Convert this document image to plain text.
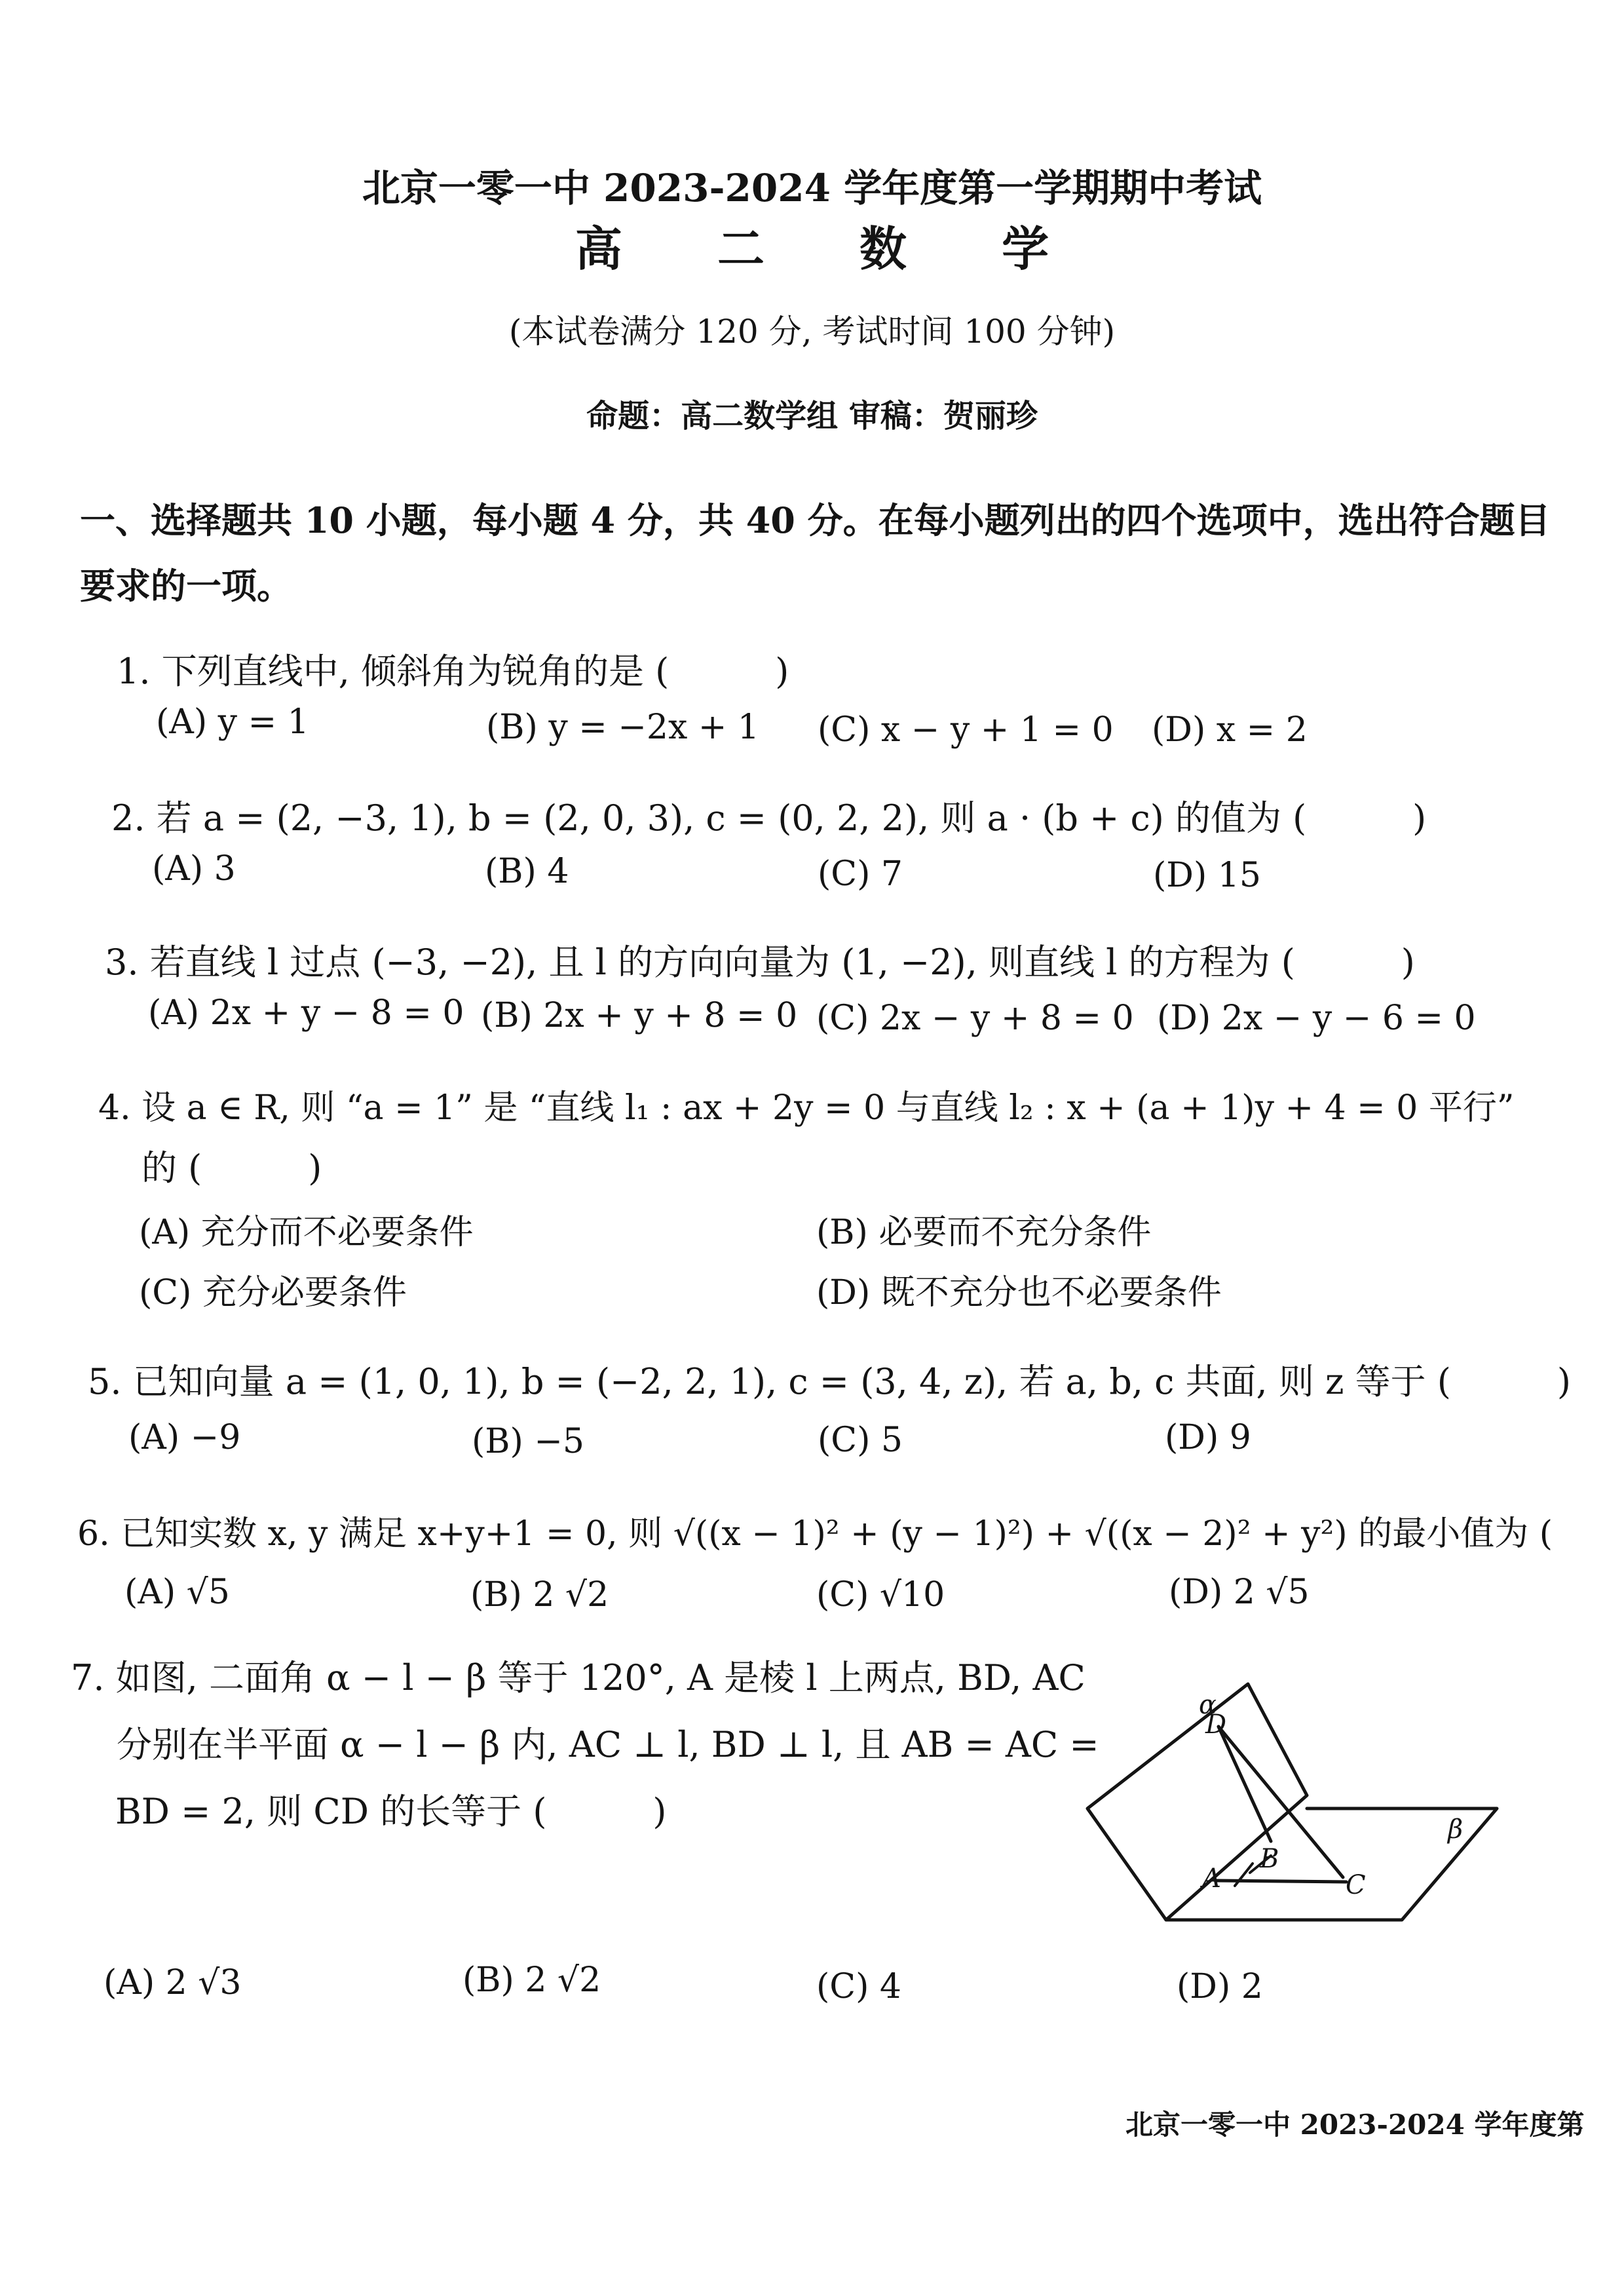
北京一零一中 2023-2024 学年度第一学期期中考试
高 二 数 学
(本试卷满分 120 分, 考试时间 100 分钟)
命题：高二数学组 审稿：贺丽珍
一、选择题共 10 小题，每小题 4 分，共 40 分。在每小题列出的四个选项中，选出符合题目
要求的一项。
1. 下列直线中, 倾斜角为锐角的是 (　　　)
(A) y = 1	(B) y = −2x + 1 (C) x − y + 1 = 0 (D) x = 2
2. 若 a = (2, −3, 1), b = (2, 0, 3), c = (0, 2, 2), 则 a · (b + c) 的值为 (　　　)
(A) 3	(B) 4	(C) 7	(D) 15
3. 若直线 l 过点 (−3, −2), 且 l 的方向向量为 (1, −2), 则直线 l 的方程为 (　　　)
(A) 2x + y − 8 = 0 (B) 2x + y + 8 = 0 (C) 2x − y + 8 = 0 (D) 2x − y − 6 = 0
4. 设 a ∈ R, 则 “a = 1” 是 “直线 l₁ : ax + 2y = 0 与直线 l₂ : x + (a + 1)y + 4 = 0 平行”
的 (　　　)
(A) 充分而不必要条件	(B) 必要而不充分条件
(C) 充分必要条件	(D) 既不充分也不必要条件
5. 已知向量 a = (1, 0, 1), b = (−2, 2, 1), c = (3, 4, z), 若 a, b, c 共面, 则 z 等于 (　　　)
(A) −9	(B) −5	(C) 5	(D) 9
6. 已知实数 x, y 满足 x+y+1 = 0, 则 √((x − 1)² + (y − 1)²) + √((x − 2)² + y²) 的最小值为 (
(A) √5	(B) 2 √2	(C) √10	(D) 2 √5
7. 如图, 二面角 α − l − β 等于 120°, A 是棱 l 上两点, BD, AC
分别在半平面 α − l − β 内, AC ⊥ l, BD ⊥ l, 且 AB = AC =
BD = 2, 则 CD 的长等于 (　　　)
(A) 2 √3	(B) 2 √2	(C) 4	(D) 2
D
A
B
C
α
β
北京一零一中 2023-2024 学年度第
